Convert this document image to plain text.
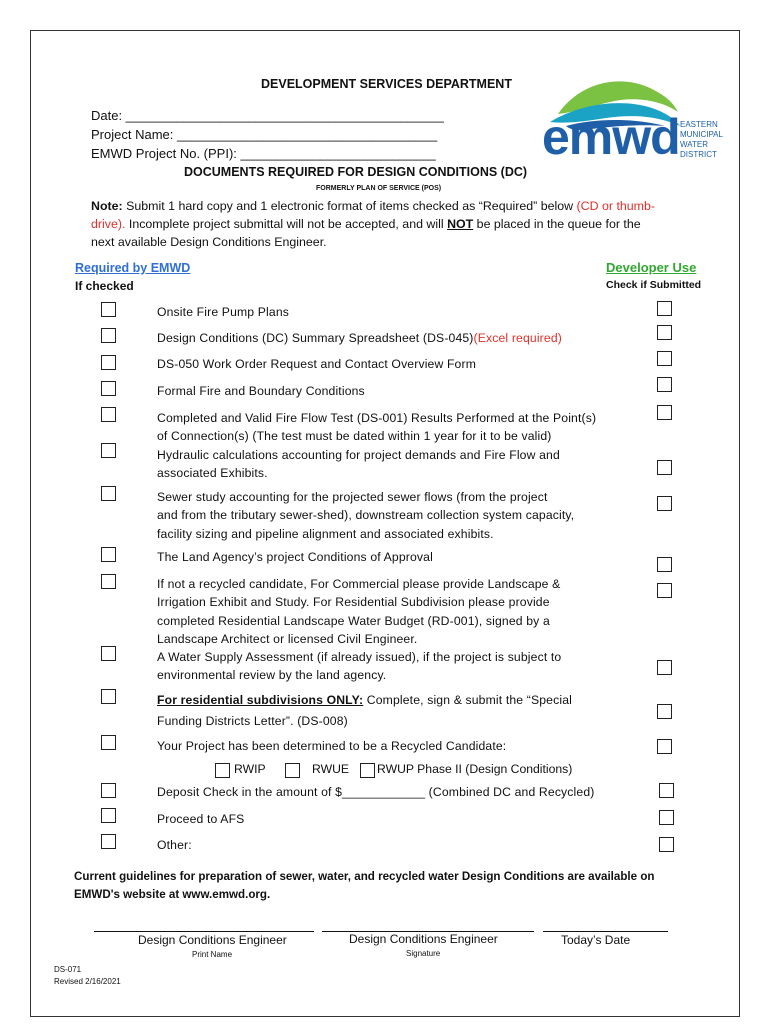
DEVELOPMENT SERVICES DEPARTMENT
Date: ____________________________________________
Project Name: ____________________________________
EMWD Project No. (PPI): ___________________________
DOCUMENTS REQUIRED FOR DESIGN CONDITIONS (DC)
FORMERLY PLAN OF SERVICE (POS)
emwd EASTERN
MUNICIPAL
WATER
DISTRICT
Note: Submit 1 hard copy and 1 electronic format of items checked as “Required” below (CD or thumb-
drive). Incomplete project submittal will not be accepted, and will NOT be placed in the queue for the
next available Design Conditions Engineer.
Required by EMWD
If checked
Developer Use
Check if Submitted
Onsite Fire Pump Plans
Design Conditions (DC) Summary Spreadsheet (DS-045)(Excel required)
DS-050 Work Order Request and Contact Overview Form
Formal Fire and Boundary Conditions
Completed and Valid Fire Flow Test (DS-001) Results Performed at the Point(s)
of Connection(s) (The test must be dated within 1 year for it to be valid)
Hydraulic calculations accounting for project demands and Fire Flow and
associated Exhibits.
Sewer study accounting for the projected sewer flows (from the project
and from the tributary sewer-shed), downstream collection system capacity,
facility sizing and pipeline alignment and associated exhibits.
The Land Agency’s project Conditions of Approval
If not a recycled candidate, For Commercial please provide Landscape &
Irrigation Exhibit and Study. For Residential Subdivision please provide
completed Residential Landscape Water Budget (RD-001), signed by a
Landscape Architect or licensed Civil Engineer.
A Water Supply Assessment (if already issued), if the project is subject to
environmental review by the land agency.
For residential subdivisions ONLY: Complete, sign & submit the “Special
Funding Districts Letter”. (DS-008)
Your Project has been determined to be a Recycled Candidate:
RWIP	RWUE RWUP Phase II (Design Conditions)
Deposit Check in the amount of $____________ (Combined DC and Recycled)
Proceed to AFS
Other:
Current guidelines for preparation of sewer, water, and recycled water Design Conditions are available on
EMWD's website at www.emwd.org.
Design Conditions Engineer
Print Name
Design Conditions Engineer
Signature
Today’s Date
DS-071
Revised 2/16/2021
